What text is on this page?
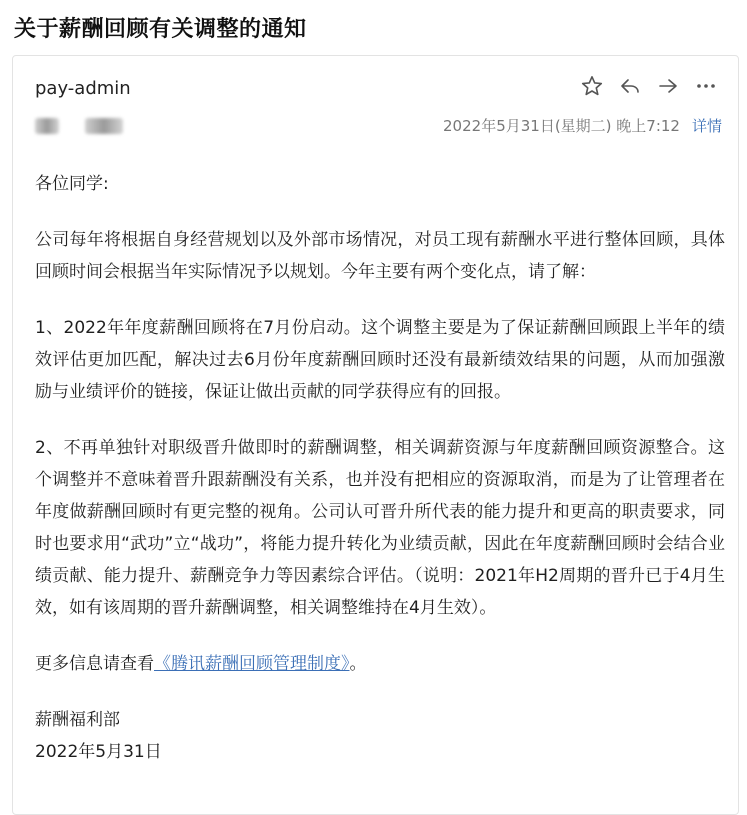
关于薪酬回顾有关调整的通知
pay-admin
2022年5月31日(星期二) 晚上7:12 详情

各位同学:

公司每年将根据自身经营规划以及外部市场情况，对员工现有薪酬水平进行整体回顾，具体回顾时间会根据当年实际情况予以规划。今年主要有两个变化点，请了解：

1、2022年年度薪酬回顾将在7月份启动。这个调整主要是为了保证薪酬回顾跟上半年的绩效评估更加匹配，解决过去6月份年度薪酬回顾时还没有最新绩效结果的问题，从而加强激励与业绩评价的链接，保证让做出贡献的同学获得应有的回报。

2、不再单独针对职级晋升做即时的薪酬调整，相关调薪资源与年度薪酬回顾资源整合。这个调整并不意味着晋升跟薪酬没有关系，也并没有把相应的资源取消，而是为了让管理者在年度做薪酬回顾时有更完整的视角。公司认可晋升所代表的能力提升和更高的职责要求，同时也要求用“武功”立“战功”，将能力提升转化为业绩贡献，因此在年度薪酬回顾时会结合业绩贡献、能力提升、薪酬竞争力等因素综合评估。（说明：2021年H2周期的晋升已于4月生效，如有该周期的晋升薪酬调整，相关调整维持在4月生效）。

更多信息请查看《腾讯薪酬回顾管理制度》。

薪酬福利部

2022年5月31日
